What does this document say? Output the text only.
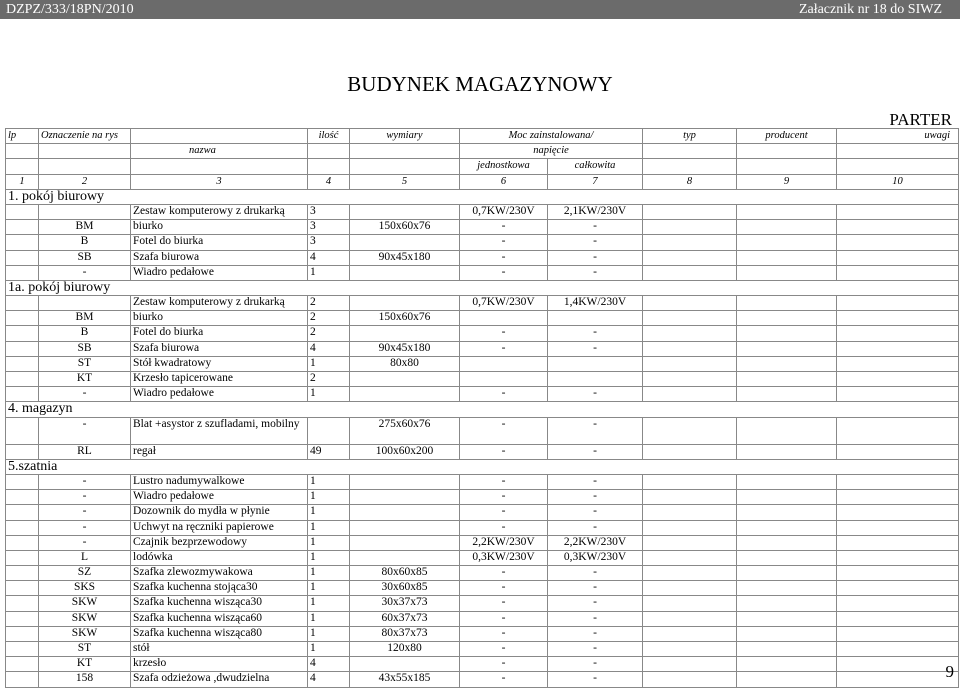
DZPZ/333/18PN/2010	Załacznik nr 18 do SIWZ
BUDYNEK MAGAZYNOWY
PARTER
lp	Oznaczenie na rys		ilość	wymiary	Moc zainstalowana/		typ	producent	uwagi
		nazwa			napięcie				
					jednostkowa	całkowita			
1	2	3	4	5	6	7	8	9	10
1. pokój biurowy									
		Zestaw komputerowy z drukarką	3		0,7KW/230V	2,1KW/230V			
	BM	biurko	3	150x60x76	-	-			
	B	Fotel do biurka	3		-	-			
	SB	Szafa biurowa	4	90x45x180	-	-			
	-	Wiadro pedałowe	1		-	-			
1a. pokój biurowy									
		Zestaw komputerowy z drukarką	2		0,7KW/230V	1,4KW/230V			
	BM	biurko	2	150x60x76					
	B	Fotel do biurka	2		-	-			
	SB	Szafa biurowa	4	90x45x180	-	-			
	ST	Stół kwadratowy	1	80x80					
	KT	Krzesło tapicerowane	2						
	-	Wiadro pedałowe	1		-	-			
4. magazyn									
	-	Blat +asystor z szufladami, mobilny		275x60x76	-	-			
	RL	regał	49	100x60x200	-	-			
5.szatnia									
	-	Lustro nadumywalkowe	1		-	-			
	-	Wiadro pedałowe	1		-	-			
	-	Dozownik do mydła w płynie	1		-	-			
	-	Uchwyt na ręczniki papierowe	1		-	-			
	-	Czajnik bezprzewodowy	1		2,2KW/230V	2,2KW/230V			
	L	lodówka	1		0,3KW/230V	0,3KW/230V			
	SZ	Szafka zlewozmywakowa	1	80x60x85	-	-			
	SKS	Szafka kuchenna stojąca30	1	30x60x85	-	-			
	SKW	Szafka kuchenna wisząca30	1	30x37x73	-	-			
	SKW	Szafka kuchenna wisząca60	1	60x37x73	-	-			
	SKW	Szafka kuchenna wisząca80	1	80x37x73	-	-			
	ST	stół	1	120x80	-	-			
	KT	krzesło	4		-	-			
	158	Szafa odzieżowa ,dwudzielna	4	43x55x185	-	-				9
